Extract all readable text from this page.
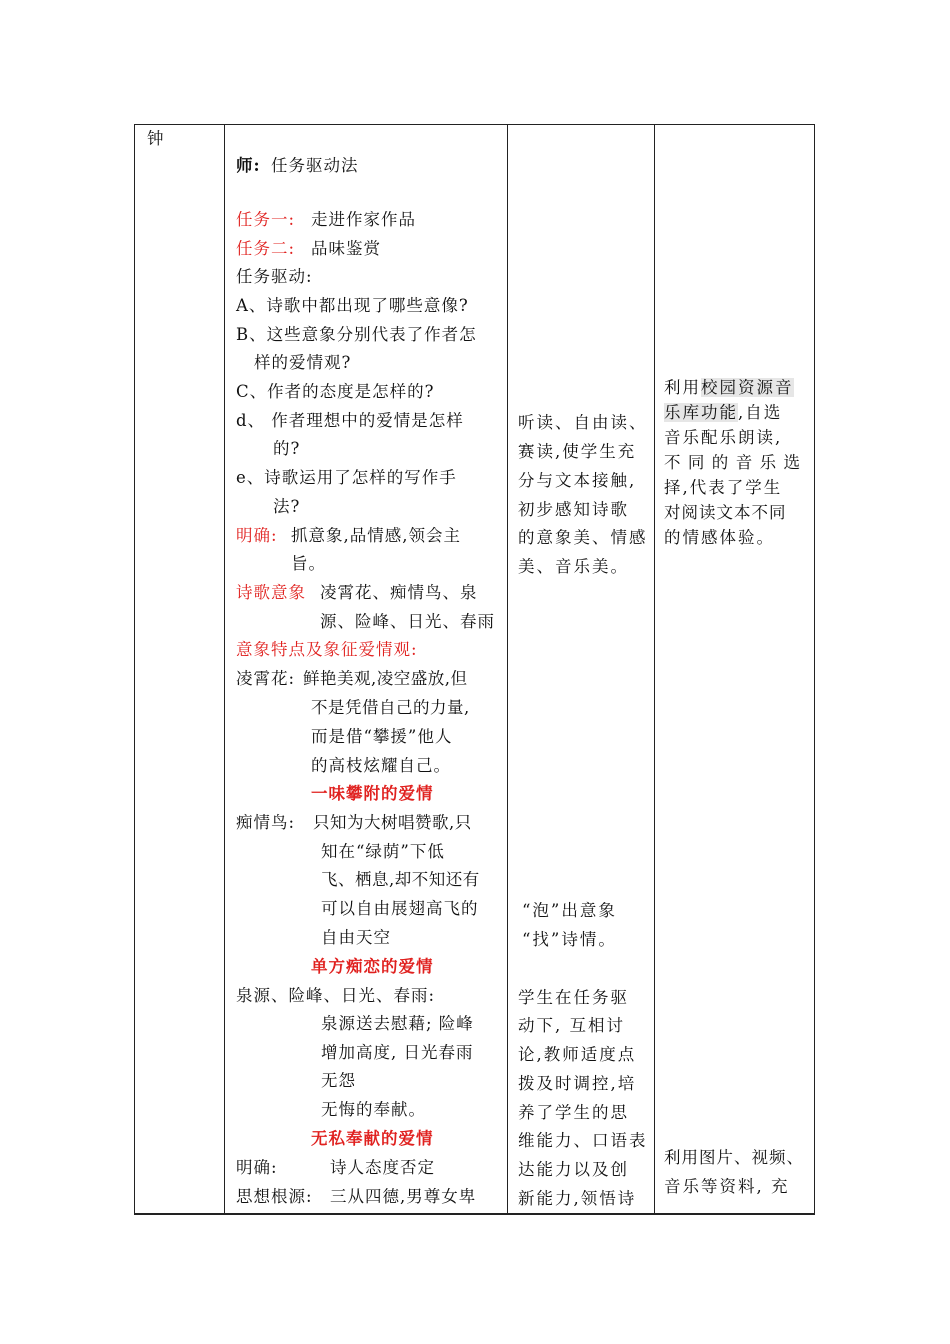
钟
师: 任务驱动法
任务一: 走进作家作品
任务二: 品味鉴赏
任务驱动:
A、诗歌中都出现了哪些意像?
B、这些意象分别代表了作者怎
样的爱情观?
C、作者的态度是怎样的?
d、 作者理想中的爱情是怎样
的?
e、诗歌运用了怎样的写作手
法?
明确: 抓意象,品情感,领会主
旨。
诗歌意象 凌霄花、痴情鸟、泉
源、险峰、日光、春雨
意象特点及象征爱情观:
凌霄花: 鲜艳美观,凌空盛放,但
不是凭借自己的力量,
而是借“攀援”他人
的高枝炫耀自己。
一味攀附的爱情
痴情鸟: 只知为大树唱赞歌,只
知在“绿荫”下低
飞、栖息,却不知还有
可以自由展翅高飞的
自由天空
单方痴恋的爱情
泉源、险峰、日光、春雨:
泉源送去慰藉; 险峰
增加高度, 日光春雨
无怨
无悔的奉献。
无私奉献的爱情
明确:	诗人态度否定
思想根源: 三从四德,男尊女卑
听读、自由读、
赛读,使学生充
分与文本接触,
初步感知诗歌
的意象美、情感
美、音乐美。
“泡”出意象
“找”诗情。
学生在任务驱
动下, 互相讨
论,教师适度点
拨及时调控,培
养了学生的思
维能力、口语表
达能力以及创
新能力,领悟诗
利用校园资源音
乐库功能,自选
音乐配乐朗读,
不同的音乐选
择,代表了学生
对阅读文本不同
的情感体验。
利用图片、视频、
音乐等资料, 充
